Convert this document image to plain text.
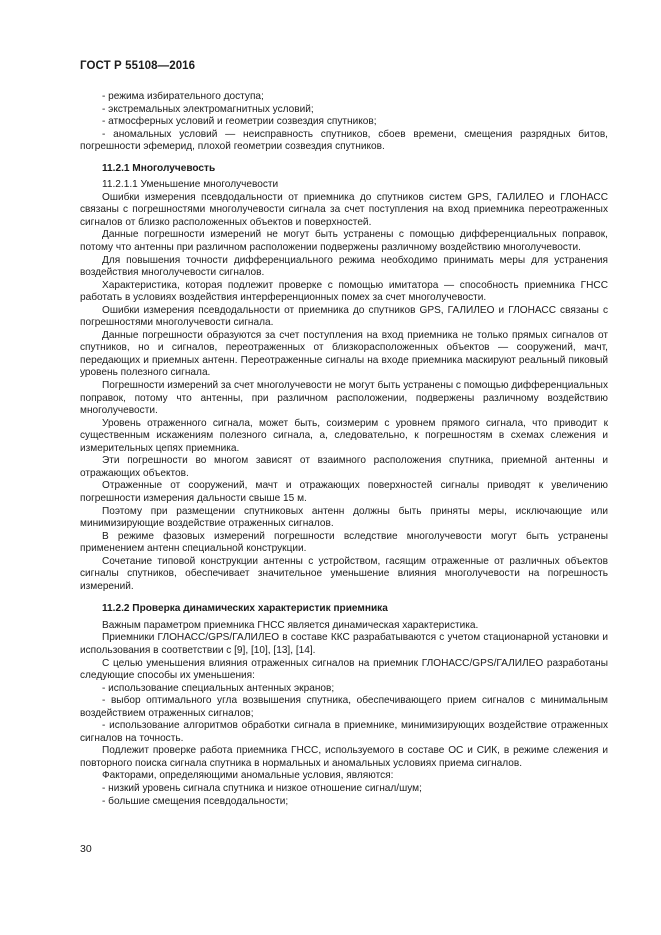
ГОСТ Р 55108—2016

- режима избирательного доступа;

- экстремальных электромагнитных условий;

- атмосферных условий и геометрии созвездия спутников;

- аномальных условий — неисправность спутников, сбоев времени, смещения разрядных битов, погрешности эфемерид, плохой геометрии созвездия спутников.

11.2.1 Многолучевость

11.2.1.1 Уменьшение многолучевости

Ошибки измерения псевдодальности от приемника до спутников систем GPS, ГАЛИЛЕО и ГЛОНАСС связаны с погрешностями многолучевости сигнала за счет поступления на вход приемника переотраженных сигналов от близко расположенных объектов и поверхностей.

Данные погрешности измерений не могут быть устранены с помощью дифференциальных поправок, потому что антенны при различном расположении подвержены различному воздействию многолучевости.

Для повышения точности дифференциального режима необходимо принимать меры для устранения воздействия многолучевости сигналов.

Характеристика, которая подлежит проверке с помощью имитатора — способность приемника ГНСС работать в условиях воздействия интерференционных помех за счет многолучевости.

Ошибки измерения псевдодальности от приемника до спутников GPS, ГАЛИЛЕО и ГЛОНАСС связаны с погрешностями многолучевости сигнала.

Данные погрешности образуются за счет поступления на вход приемника не только прямых сигналов от спутников, но и сигналов, переотраженных от близкорасположенных объектов — сооружений, мачт, передающих и приемных антенн. Переотраженные сигналы на входе приемника маскируют реальный пиковый уровень полезного сигнала.

Погрешности измерений за счет многолучевости не могут быть устранены с помощью дифференциальных поправок, потому что антенны, при различном расположении, подвержены различному воздействию многолучевости.

Уровень отраженного сигнала, может быть, соизмерим с уровнем прямого сигнала, что приводит к существенным искажениям полезного сигнала, а, следовательно, к погрешностям в схемах слежения и измерительных цепях приемника.

Эти погрешности во многом зависят от взаимного расположения спутника, приемной антенны и отражающих объектов.

Отраженные от сооружений, мачт и отражающих поверхностей сигналы приводят к увеличению погрешности измерения дальности свыше 15 м.

Поэтому при размещении спутниковых антенн должны быть приняты меры, исключающие или минимизирующие воздействие отраженных сигналов.

В режиме фазовых измерений погрешности вследствие многолучевости могут быть устранены применением антенн специальной конструкции.

Сочетание типовой конструкции антенны с устройством, гасящим отраженные от различных объектов сигналы спутников, обеспечивает значительное уменьшение влияния многолучевости на погрешность измерений.

11.2.2 Проверка динамических характеристик приемника

Важным параметром приемника ГНСС является динамическая характеристика.

Приемники ГЛОНАСС/GPS/ГАЛИЛЕО в составе ККС разрабатываются с учетом стационарной установки и использования в соответствии с [9], [10], [13], [14].

С целью уменьшения влияния отраженных сигналов на приемник ГЛОНАСС/GPS/ГАЛИЛЕО разработаны следующие способы их уменьшения:

- использование специальных антенных экранов;

- выбор оптимального угла возвышения спутника, обеспечивающего прием сигналов с минимальным воздействием отраженных сигналов;

- использование алгоритмов обработки сигнала в приемнике, минимизирующих воздействие отраженных сигналов на точность.

Подлежит проверке работа приемника ГНСС, используемого в составе ОС и СИК, в режиме слежения и повторного поиска сигнала спутника в нормальных и аномальных условиях приема сигналов.

Факторами, определяющими аномальные условия, являются:

- низкий уровень сигнала спутника и низкое отношение сигнал/шум;

- большие смещения псевдодальности;

30
